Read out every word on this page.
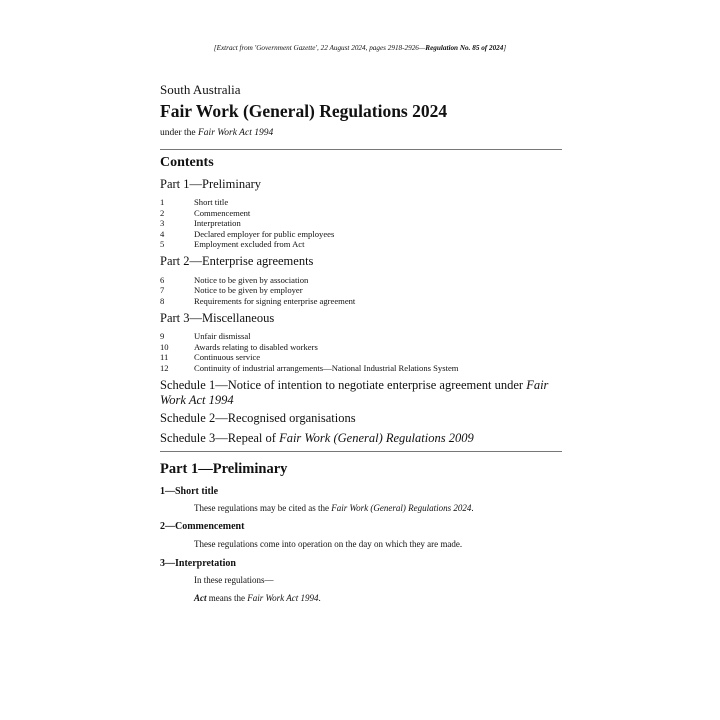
[Extract from 'Government Gazette', 22 August 2024, pages 2918-2926—Regulation No. 85 of 2024]
South Australia
Fair Work (General) Regulations 2024
under the Fair Work Act 1994
Contents
Part 1—Preliminary
1	Short title
2	Commencement
3	Interpretation
4	Declared employer for public employees
5	Employment excluded from Act
Part 2—Enterprise agreements
6	Notice to be given by association
7	Notice to be given by employer
8	Requirements for signing enterprise agreement
Part 3—Miscellaneous
9	Unfair dismissal
10	Awards relating to disabled workers
11	Continuous service
12	Continuity of industrial arrangements—National Industrial Relations System
Schedule 1—Notice of intention to negotiate enterprise agreement under Fair
Work Act 1994
Schedule 2—Recognised organisations
Schedule 3—Repeal of Fair Work (General) Regulations 2009
Part 1—Preliminary
1—Short title
These regulations may be cited as the Fair Work (General) Regulations 2024.
2—Commencement
These regulations come into operation on the day on which they are made.
3—Interpretation
In these regulations—
Act means the Fair Work Act 1994.
